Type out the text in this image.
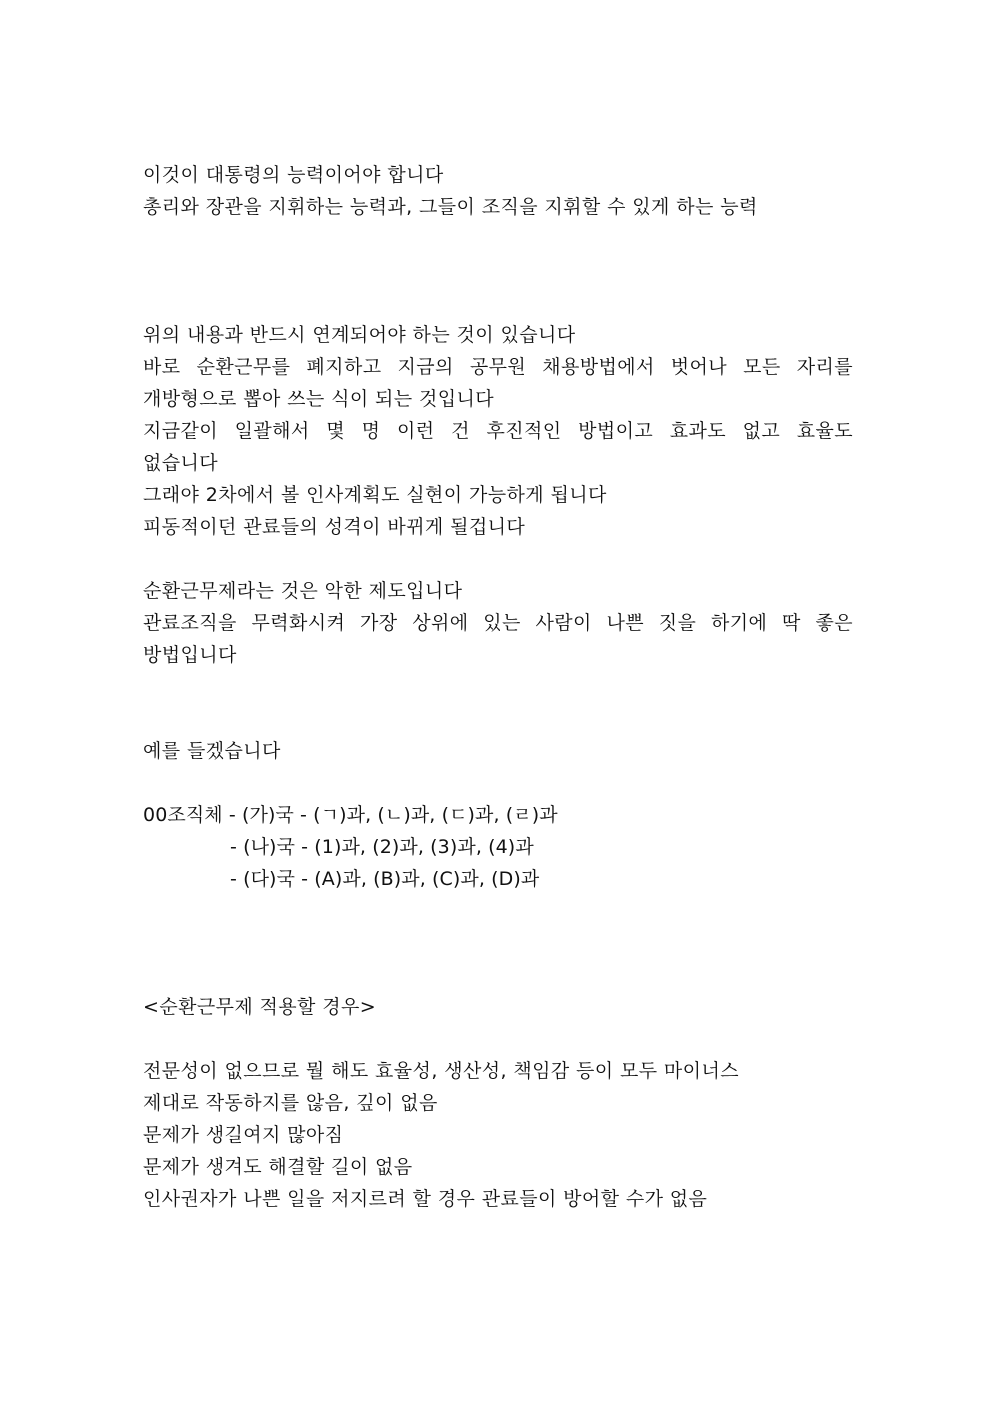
이것이 대통령의 능력이어야 합니다
총리와 장관을 지휘하는 능력과, 그들이 조직을 지휘할 수 있게 하는 능력
위의 내용과 반드시 연계되어야 하는 것이 있습니다
바로 순환근무를 폐지하고 지금의 공무원 채용방법에서 벗어나 모든 자리를
개방형으로 뽑아 쓰는 식이 되는 것입니다
지금같이 일괄해서 몇 명 이런 건 후진적인 방법이고 효과도 없고 효율도
없습니다
그래야 2차에서 볼 인사계획도 실현이 가능하게 됩니다
피동적이던 관료들의 성격이 바뀌게 될겁니다
순환근무제라는 것은 악한 제도입니다
관료조직을 무력화시켜 가장 상위에 있는 사람이 나쁜 짓을 하기에 딱 좋은
방법입니다
예를 들겠습니다
00조직체 - (가)국 - (ㄱ)과, (ㄴ)과, (ㄷ)과, (ㄹ)과
- (나)국 - (1)과, (2)과, (3)과, (4)과
- (다)국 - (A)과, (B)과, (C)과, (D)과
<순환근무제 적용할 경우>
전문성이 없으므로 뭘 해도 효율성, 생산성, 책임감 등이 모두 마이너스
제대로 작동하지를 않음, 깊이 없음
문제가 생길여지 많아짐
문제가 생겨도 해결할 길이 없음
인사권자가 나쁜 일을 저지르려 할 경우 관료들이 방어할 수가 없음
